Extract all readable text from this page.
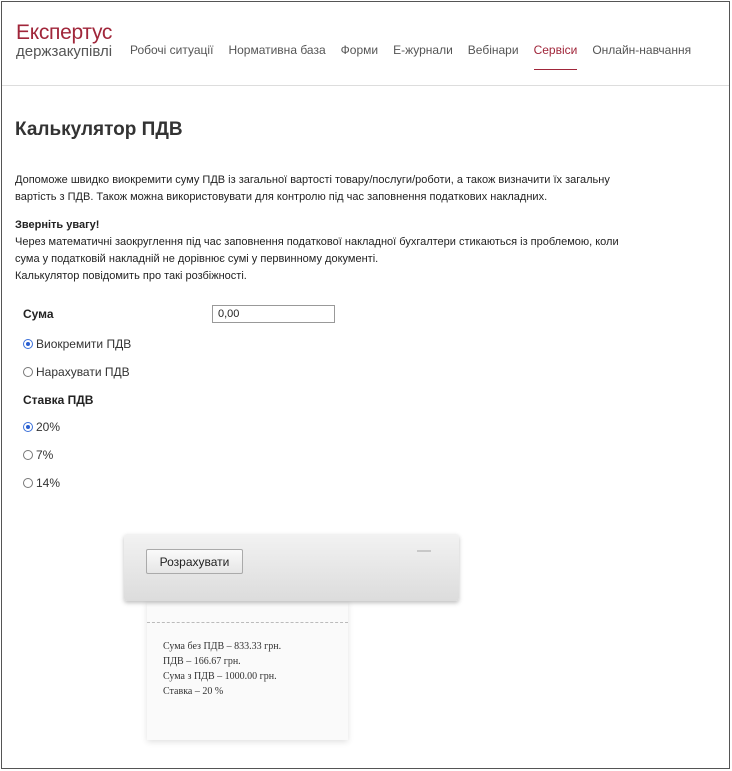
Експертус
держзакупівлі Робочі ситуації Нормативна база Форми Е-журнали Вебінари Сервіси Онлайн-навчання
Калькулятор ПДВ
Допоможе швидко виокремити суму ПДВ із загальної вартості товару/послуги/роботи, а також визначити їх загальну вартість з ПДВ. Також можна використовувати для контролю під час заповнення податкових накладних.
Зверніть увагу!
Через математичні заокруглення під час заповнення податкової накладної бухгалтери стикаються із проблемою, коли сума у податковій накладній не дорівнює сумі у первинному документі.
Калькулятор повідомить про такі розбіжності.
Сума
0,00
Виокремити ПДВ
Нарахувати ПДВ
Ставка ПДВ
20%
7%
14%
Сума без ПДВ – 833.33 грн.
ПДВ – 166.67 грн.
Сума з ПДВ – 1000.00 грн.
Ставка – 20 %
Розрахувати
